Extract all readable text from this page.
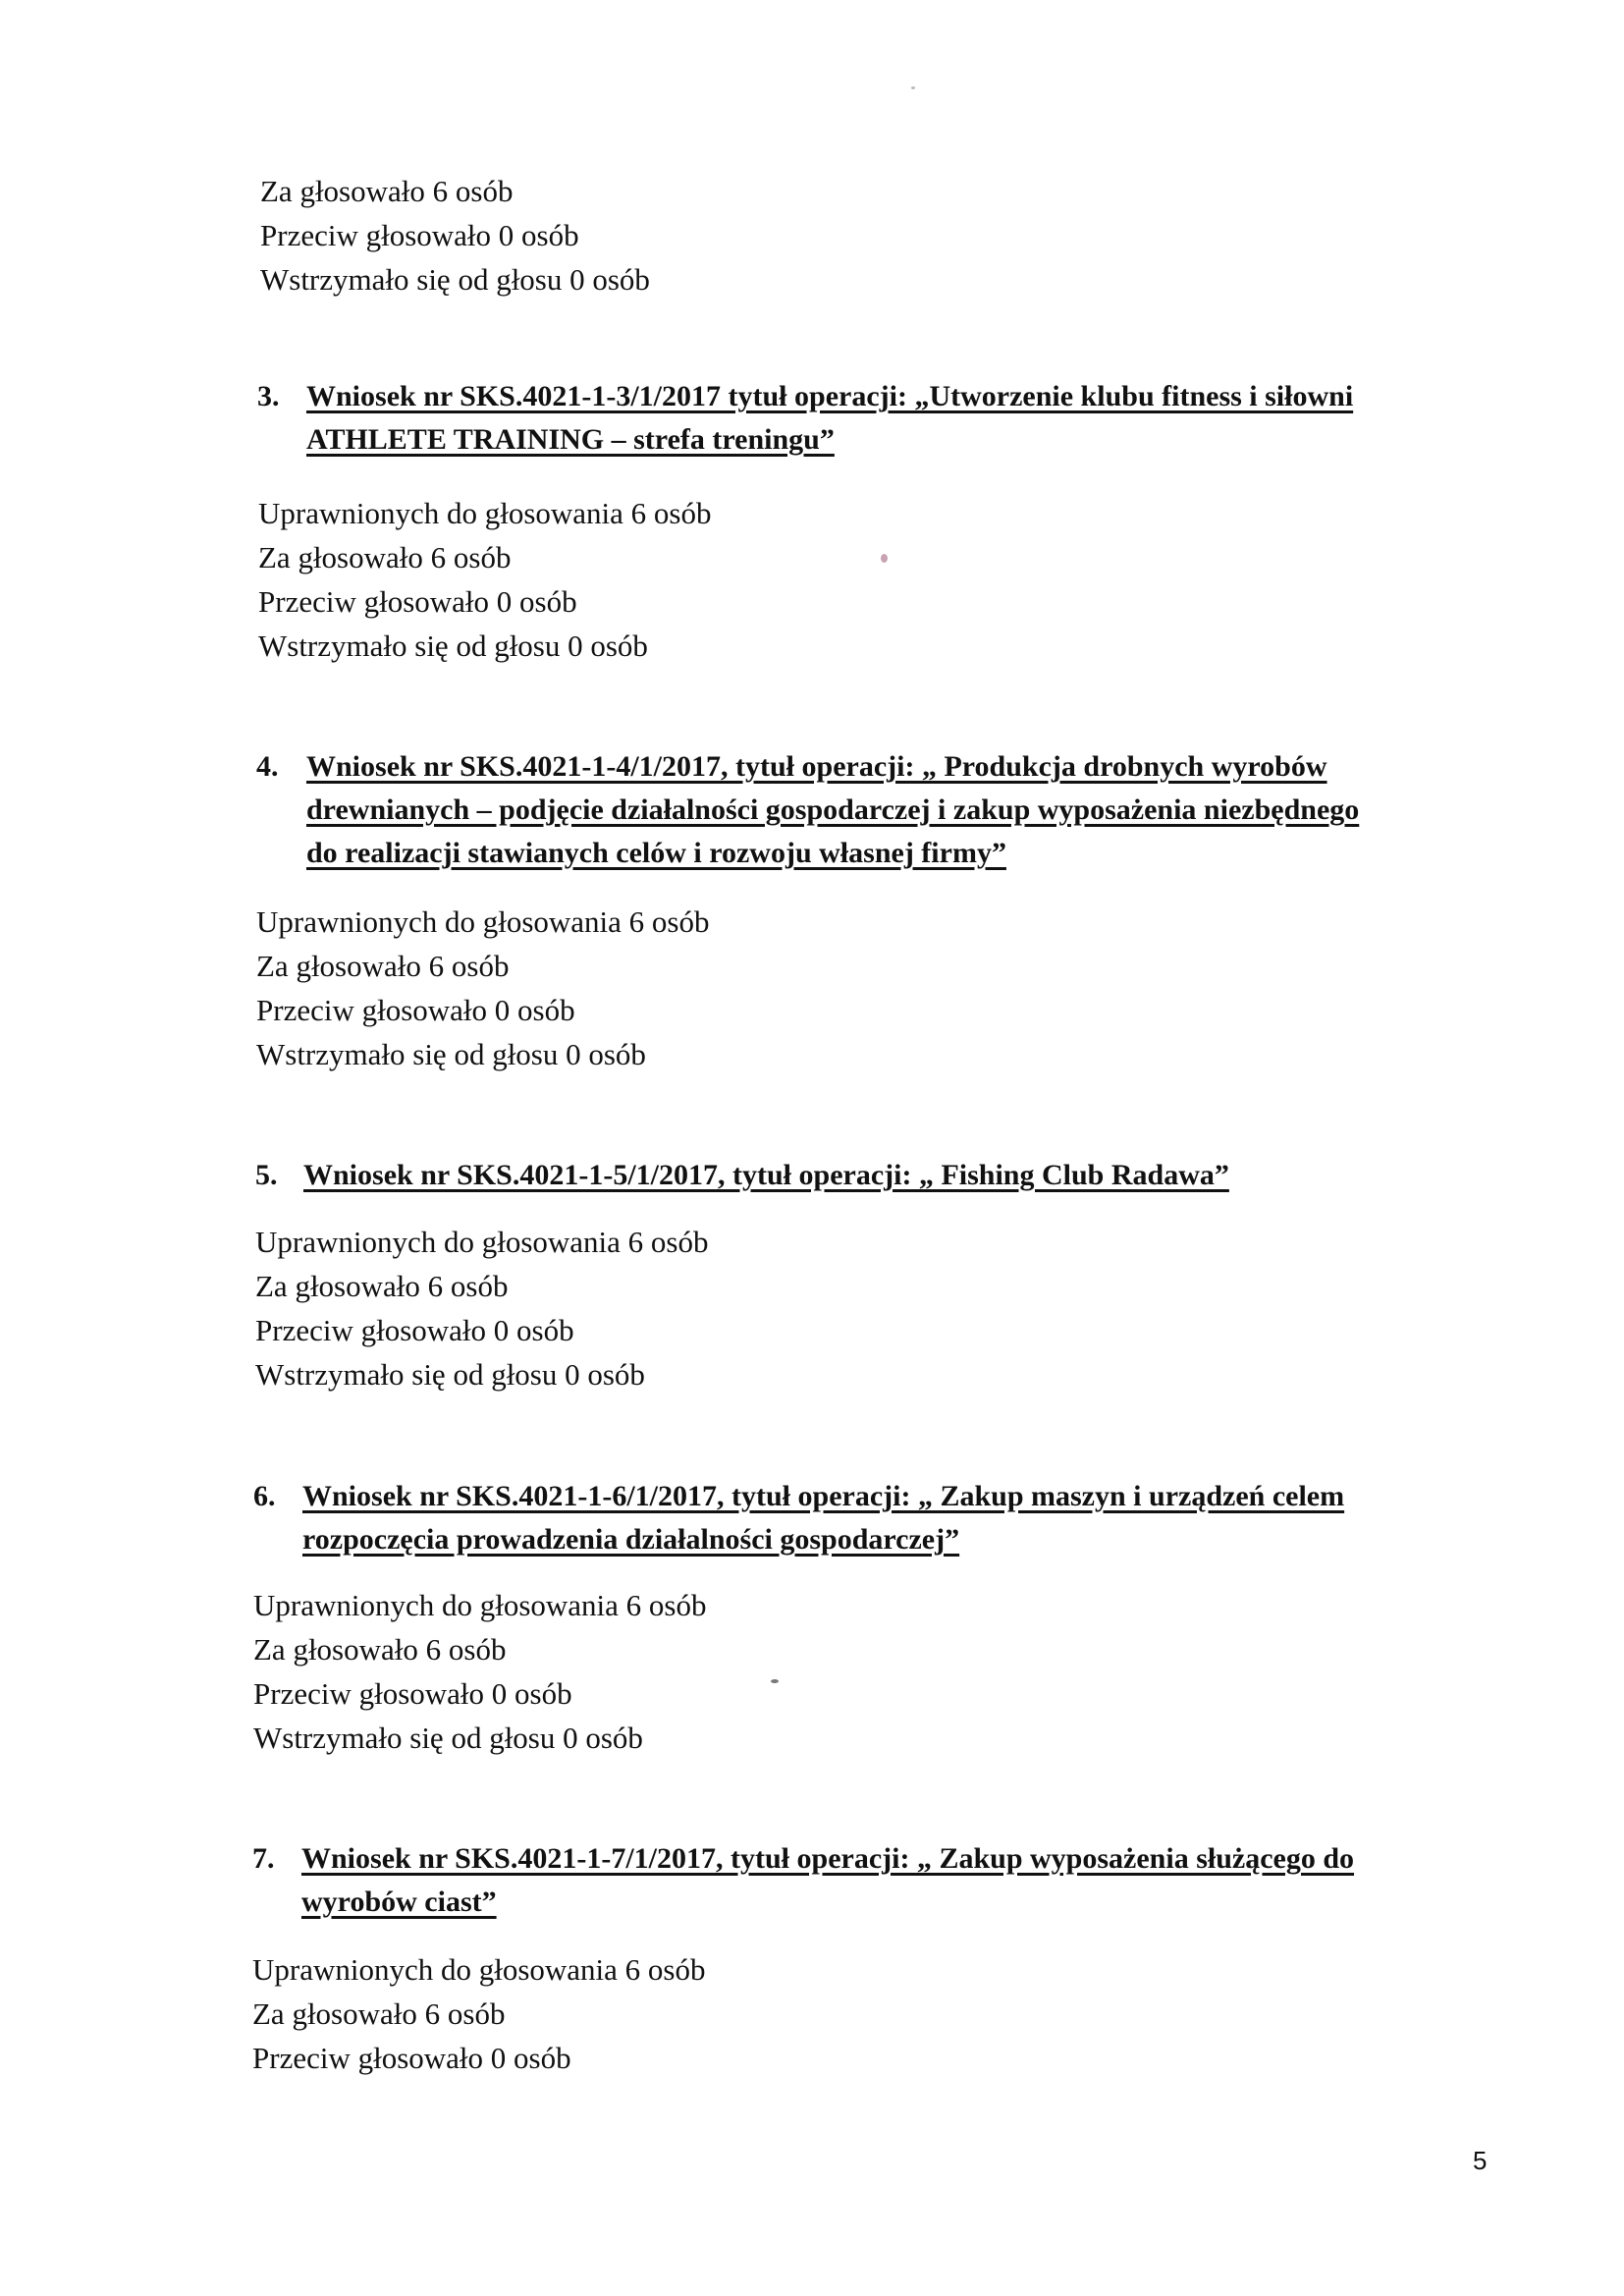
Za głosowało 6 osób
Przeciw głosowało 0 osób
Wstrzymało się od głosu 0 osób
3. Wniosek nr SKS.4021-1-3/1/2017 tytuł operacji: „Utworzenie klubu fitness i siłowni
ATHLETE TRAINING – strefa treningu”
Uprawnionych do głosowania 6 osób
Za głosowało 6 osób
Przeciw głosowało 0 osób
Wstrzymało się od głosu 0 osób
4. Wniosek nr SKS.4021-1-4/1/2017, tytuł operacji: „ Produkcja drobnych wyrobów
drewnianych – podjęcie działalności gospodarczej i zakup wyposażenia niezbędnego
do realizacji stawianych celów i rozwoju własnej firmy”
Uprawnionych do głosowania 6 osób
Za głosowało 6 osób
Przeciw głosowało 0 osób
Wstrzymało się od głosu 0 osób
5. Wniosek nr SKS.4021-1-5/1/2017, tytuł operacji: „ Fishing Club Radawa”
Uprawnionych do głosowania 6 osób
Za głosowało 6 osób
Przeciw głosowało 0 osób
Wstrzymało się od głosu 0 osób
6. Wniosek nr SKS.4021-1-6/1/2017, tytuł operacji: „ Zakup maszyn i urządzeń celem
rozpoczęcia prowadzenia działalności gospodarczej”
Uprawnionych do głosowania 6 osób
Za głosowało 6 osób
Przeciw głosowało 0 osób
Wstrzymało się od głosu 0 osób
7. Wniosek nr SKS.4021-1-7/1/2017, tytuł operacji: „ Zakup wyposażenia służącego do
wyrobów ciast”
Uprawnionych do głosowania 6 osób
Za głosowało 6 osób
Przeciw głosowało 0 osób
5
